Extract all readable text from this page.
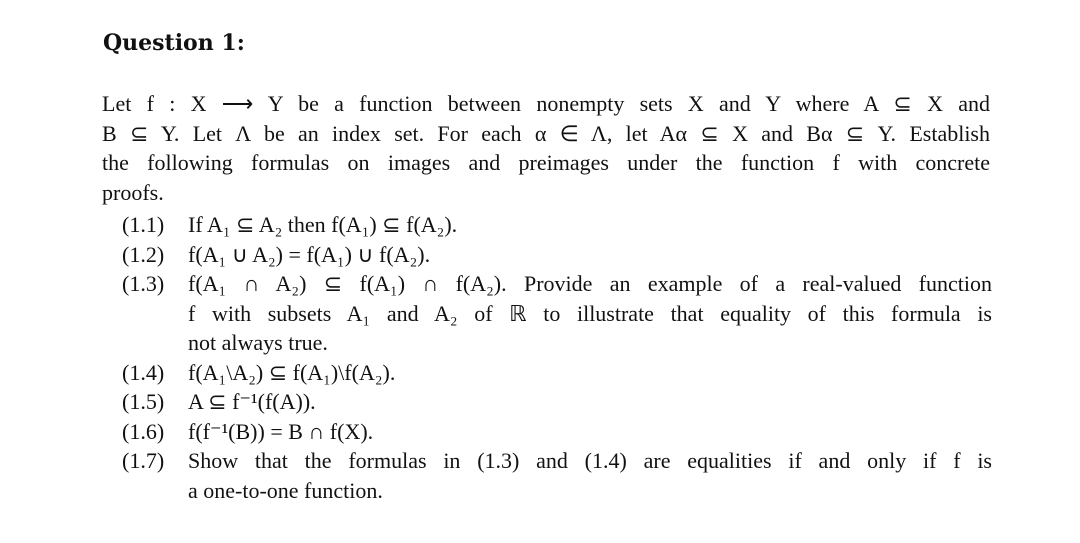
Question 1:
Let f : X ⟶ Y be a function between nonempty sets X and Y where A ⊆ X and
B ⊆ Y. Let Λ be an index set. For each α ∈ Λ, let Aα ⊆ X and Bα ⊆ Y. Establish
the following formulas on images and preimages under the function f with concrete
proofs.
(1.1) If A₁ ⊆ A₂ then f(A₁) ⊆ f(A₂).
(1.2) f(A₁ ∪ A₂) = f(A₁) ∪ f(A₂).
(1.3) f(A₁ ∩ A₂) ⊆ f(A₁) ∩ f(A₂). Provide an example of a real-valued function
f with subsets A₁ and A₂ of ℝ to illustrate that equality of this formula is
not always true.
(1.4) f(A₁\A₂) ⊆ f(A₁)\f(A₂).
(1.5) A ⊆ f⁻¹(f(A)).
(1.6) f(f⁻¹(B)) = B ∩ f(X).
(1.7) Show that the formulas in (1.3) and (1.4) are equalities if and only if f is
a one-to-one function.
